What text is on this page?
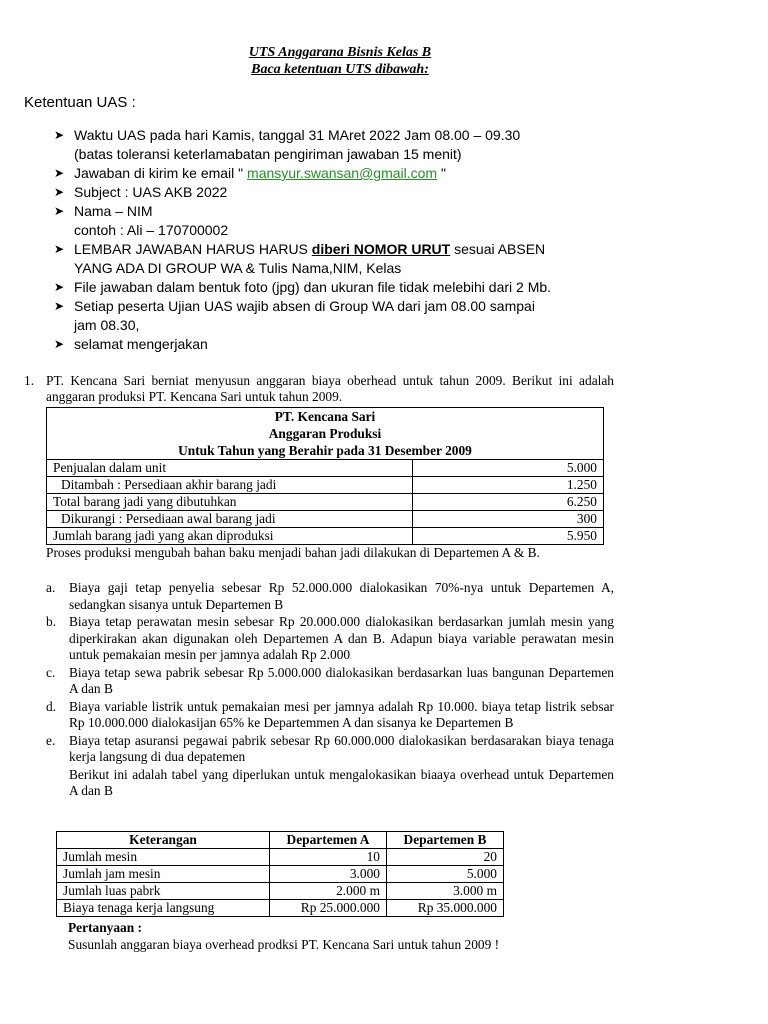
UTS Anggarana Bisnis Kelas B
Baca ketentuan UTS dibawah:
Ketentuan UAS :
➤ Waktu UAS pada hari Kamis, tanggal 31 MAret 2022 Jam 08.00 – 09.30
(batas toleransi keterlamabatan pengiriman jawaban 15 menit)
➤ Jawaban di kirim ke email " mansyur.swansan@gmail.com "
➤ Subject : UAS AKB 2022
➤ Nama – NIM
contoh : Ali – 170700002
➤ LEMBAR JAWABAN HARUS HARUS diberi NOMOR URUT sesuai ABSEN
YANG ADA DI GROUP WA & Tulis Nama,NIM, Kelas
➤ File jawaban dalam bentuk foto (jpg) dan ukuran file tidak melebihi dari 2 Mb.
➤ Setiap peserta Ujian UAS wajib absen di Group WA dari jam 08.00 sampai
jam 08.30,
➤ selamat mengerjakan
1. PT. Kencana Sari berniat menyusun anggaran biaya oberhead untuk tahun 2009. Berikut ini adalah anggaran produksi PT. Kencana Sari untuk tahun 2009.
PT. Kencana Sari
Anggaran Produksi
Untuk Tahun yang Berahir pada 31 Desember 2009	

Penjualan dalam unit	5.000
Ditambah : Persediaan akhir barang jadi	1.250
Total barang jadi yang dibutuhkan	6.250
Dikurangi : Persediaan awal barang jadi	300
Jumlah barang jadi yang akan diproduksi	5.950
Proses produksi mengubah bahan baku menjadi bahan jadi dilakukan di Departemen A & B.
a. Biaya gaji tetap penyelia sebesar Rp 52.000.000 dialokasikan 70%-nya untuk Departemen A, sedangkan sisanya untuk Departemen B
b. Biaya tetap perawatan mesin sebesar Rp 20.000.000 dialokasikan berdasarkan jumlah mesin yang diperkirakan akan digunakan oleh Departemen A dan B. Adapun biaya variable perawatan mesin untuk pemakaian mesin per jamnya adalah Rp 2.000
c. Biaya tetap sewa pabrik sebesar Rp 5.000.000 dialokasikan berdasarkan luas bangunan Departemen A dan B
d. Biaya variable listrik untuk pemakaian mesi per jamnya adalah Rp 10.000. biaya tetap listrik sebsar Rp 10.000.000 dialokasijan 65% ke Departemmen A dan sisanya ke Departemen B
e. Biaya tetap asuransi pegawai pabrik sebesar Rp 60.000.000 dialokasikan berdasarakan biaya tenaga kerja langsung di dua depatemen
Berikut ini adalah tabel yang diperlukan untuk mengalokasikan biaaya overhead untuk Departemen A dan B
Keterangan	Departemen A	Departemen B
Jumlah mesin	10	20
Jumlah jam mesin	3.000	5.000
Jumlah luas pabrk	2.000 m	3.000 m
Biaya tenaga kerja langsung	Rp 25.000.000	Rp 35.000.000
Pertanyaan :
Susunlah anggaran biaya overhead prodksi PT. Kencana Sari untuk tahun 2009 !
